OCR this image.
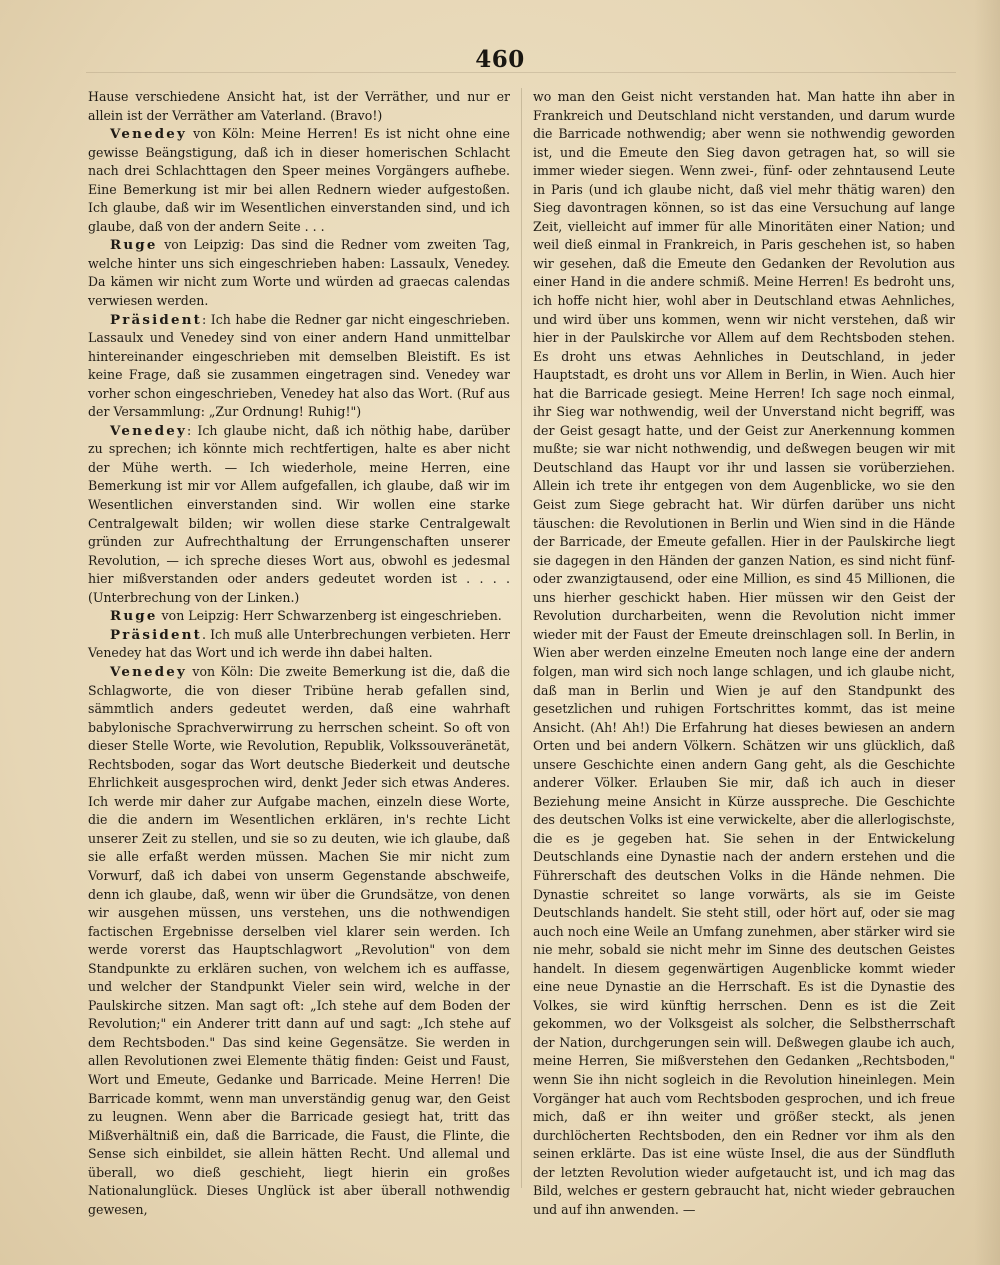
460

Hause verschiedene Ansicht hat, ist der Verräther, und nur er allein ist der Verräther am Vaterland. (Bravo!)

Venedey von Köln: Meine Herren! Es ist nicht ohne eine gewisse Beängstigung, daß ich in dieser homerischen Schlacht nach drei Schlachttagen den Speer meines Vorgängers aufhebe. Eine Bemerkung ist mir bei allen Rednern wieder aufgestoßen. Ich glaube, daß wir im Wesentlichen einverstanden sind, und ich glaube, daß von der andern Seite . . .

Ruge von Leipzig: Das sind die Redner vom zweiten Tag, welche hinter uns sich eingeschrieben haben: Lassaulx, Venedey. Da kämen wir nicht zum Worte und würden ad graecas calendas verwiesen werden.

Präsident: Ich habe die Redner gar nicht eingeschrieben. Lassaulx und Venedey sind von einer andern Hand unmittelbar hintereinander eingeschrieben mit demselben Bleistift. Es ist keine Frage, daß sie zusammen eingetragen sind. Venedey war vorher schon eingeschrieben, Venedey hat also das Wort. (Ruf aus der Versammlung: „Zur Ordnung! Ruhig!")

Venedey: Ich glaube nicht, daß ich nöthig habe, darüber zu sprechen; ich könnte mich rechtfertigen, halte es aber nicht der Mühe werth. — Ich wiederhole, meine Herren, eine Bemerkung ist mir vor Allem aufgefallen, ich glaube, daß wir im Wesentlichen einverstanden sind. Wir wollen eine starke Centralgewalt bilden; wir wollen diese starke Centralgewalt gründen zur Aufrechthaltung der Errungenschaften unserer Revolution, — ich spreche dieses Wort aus, obwohl es jedesmal hier mißverstanden oder anders gedeutet worden ist . . . . (Unterbrechung von der Linken.)

Ruge von Leipzig: Herr Schwarzenberg ist eingeschrieben.

Präsident. Ich muß alle Unterbrechungen verbieten. Herr Venedey hat das Wort und ich werde ihn dabei halten.

Venedey von Köln: Die zweite Bemerkung ist die, daß die Schlagworte, die von dieser Tribüne herab gefallen sind, sämmtlich anders gedeutet werden, daß eine wahrhaft babylonische Sprachverwirrung zu herrschen scheint. So oft von dieser Stelle Worte, wie Revolution, Republik, Volkssouveränetät, Rechtsboden, sogar das Wort deutsche Biederkeit und deutsche Ehrlichkeit ausgesprochen wird, denkt Jeder sich etwas Anderes. Ich werde mir daher zur Aufgabe machen, einzeln diese Worte, die die andern im Wesentlichen erklären, in's rechte Licht unserer Zeit zu stellen, und sie so zu deuten, wie ich glaube, daß sie alle erfaßt werden müssen. Machen Sie mir nicht zum Vorwurf, daß ich dabei von unserm Gegenstande abschweife, denn ich glaube, daß, wenn wir über die Grundsätze, von denen wir ausgehen müssen, uns verstehen, uns die nothwendigen factischen Ergebnisse derselben viel klarer sein werden. Ich werde vorerst das Hauptschlagwort „Revolution" von dem Standpunkte zu erklären suchen, von welchem ich es auffasse, und welcher der Standpunkt Vieler sein wird, welche in der Paulskirche sitzen. Man sagt oft: „Ich stehe auf dem Boden der Revolution;" ein Anderer tritt dann auf und sagt: „Ich stehe auf dem Rechtsboden." Das sind keine Gegensätze. Sie werden in allen Revolutionen zwei Elemente thätig finden: Geist und Faust, Wort und Emeute, Gedanke und Barricade. Meine Herren! Die Barricade kommt, wenn man unverständig genug war, den Geist zu leugnen. Wenn aber die Barricade gesiegt hat, tritt das Mißverhältniß ein, daß die Barricade, die Faust, die Flinte, die Sense sich einbildet, sie allein hätten Recht. Und allemal und überall, wo dieß geschieht, liegt hierin ein großes Nationalunglück. Dieses Unglück ist aber überall nothwendig gewesen,

wo man den Geist nicht verstanden hat. Man hatte ihn aber in Frankreich und Deutschland nicht verstanden, und darum wurde die Barricade nothwendig; aber wenn sie nothwendig geworden ist, und die Emeute den Sieg davon getragen hat, so will sie immer wieder siegen. Wenn zwei-, fünf- oder zehntausend Leute in Paris (und ich glaube nicht, daß viel mehr thätig waren) den Sieg davontragen können, so ist das eine Versuchung auf lange Zeit, vielleicht auf immer für alle Minoritäten einer Nation; und weil dieß einmal in Frankreich, in Paris geschehen ist, so haben wir gesehen, daß die Emeute den Gedanken der Revolution aus einer Hand in die andere schmiß. Meine Herren! Es bedroht uns, ich hoffe nicht hier, wohl aber in Deutschland etwas Aehnliches, und wird über uns kommen, wenn wir nicht verstehen, daß wir hier in der Paulskirche vor Allem auf dem Rechtsboden stehen. Es droht uns etwas Aehnliches in Deutschland, in jeder Hauptstadt, es droht uns vor Allem in Berlin, in Wien. Auch hier hat die Barricade gesiegt. Meine Herren! Ich sage noch einmal, ihr Sieg war nothwendig, weil der Unverstand nicht begriff, was der Geist gesagt hatte, und der Geist zur Anerkennung kommen mußte; sie war nicht nothwendig, und deßwegen beugen wir mit Deutschland das Haupt vor ihr und lassen sie vorüberziehen. Allein ich trete ihr entgegen von dem Augenblicke, wo sie den Geist zum Siege gebracht hat. Wir dürfen darüber uns nicht täuschen: die Revolutionen in Berlin und Wien sind in die Hände der Barricade, der Emeute gefallen. Hier in der Paulskirche liegt sie dagegen in den Händen der ganzen Nation, es sind nicht fünf- oder zwanzigtausend, oder eine Million, es sind 45 Millionen, die uns hierher geschickt haben. Hier müssen wir den Geist der Revolution durcharbeiten, wenn die Revolution nicht immer wieder mit der Faust der Emeute dreinschlagen soll. In Berlin, in Wien aber werden einzelne Emeuten noch lange eine der andern folgen, man wird sich noch lange schlagen, und ich glaube nicht, daß man in Berlin und Wien je auf den Standpunkt des gesetzlichen und ruhigen Fortschrittes kommt, das ist meine Ansicht. (Ah! Ah!) Die Erfahrung hat dieses bewiesen an andern Orten und bei andern Völkern. Schätzen wir uns glücklich, daß unsere Geschichte einen andern Gang geht, als die Geschichte anderer Völker. Erlauben Sie mir, daß ich auch in dieser Beziehung meine Ansicht in Kürze ausspreche. Die Geschichte des deutschen Volks ist eine verwickelte, aber die allerlogischste, die es je gegeben hat. Sie sehen in der Entwickelung Deutschlands eine Dynastie nach der andern erstehen und die Führerschaft des deutschen Volks in die Hände nehmen. Die Dynastie schreitet so lange vorwärts, als sie im Geiste Deutschlands handelt. Sie steht still, oder hört auf, oder sie mag auch noch eine Weile an Umfang zunehmen, aber stärker wird sie nie mehr, sobald sie nicht mehr im Sinne des deutschen Geistes handelt. In diesem gegenwärtigen Augenblicke kommt wieder eine neue Dynastie an die Herrschaft. Es ist die Dynastie des Volkes, sie wird künftig herrschen. Denn es ist die Zeit gekommen, wo der Volksgeist als solcher, die Selbstherrschaft der Nation, durchgerungen sein will. Deßwegen glaube ich auch, meine Herren, Sie mißverstehen den Gedanken „Rechtsboden," wenn Sie ihn nicht sogleich in die Revolution hineinlegen. Mein Vorgänger hat auch vom Rechtsboden gesprochen, und ich freue mich, daß er ihn weiter und größer steckt, als jenen durchlöcherten Rechtsboden, den ein Redner vor ihm als den seinen erklärte. Das ist eine wüste Insel, die aus der Sündfluth der letzten Revolution wieder aufgetaucht ist, und ich mag das Bild, welches er gestern gebraucht hat, nicht wieder gebrauchen und auf ihn anwenden. —
